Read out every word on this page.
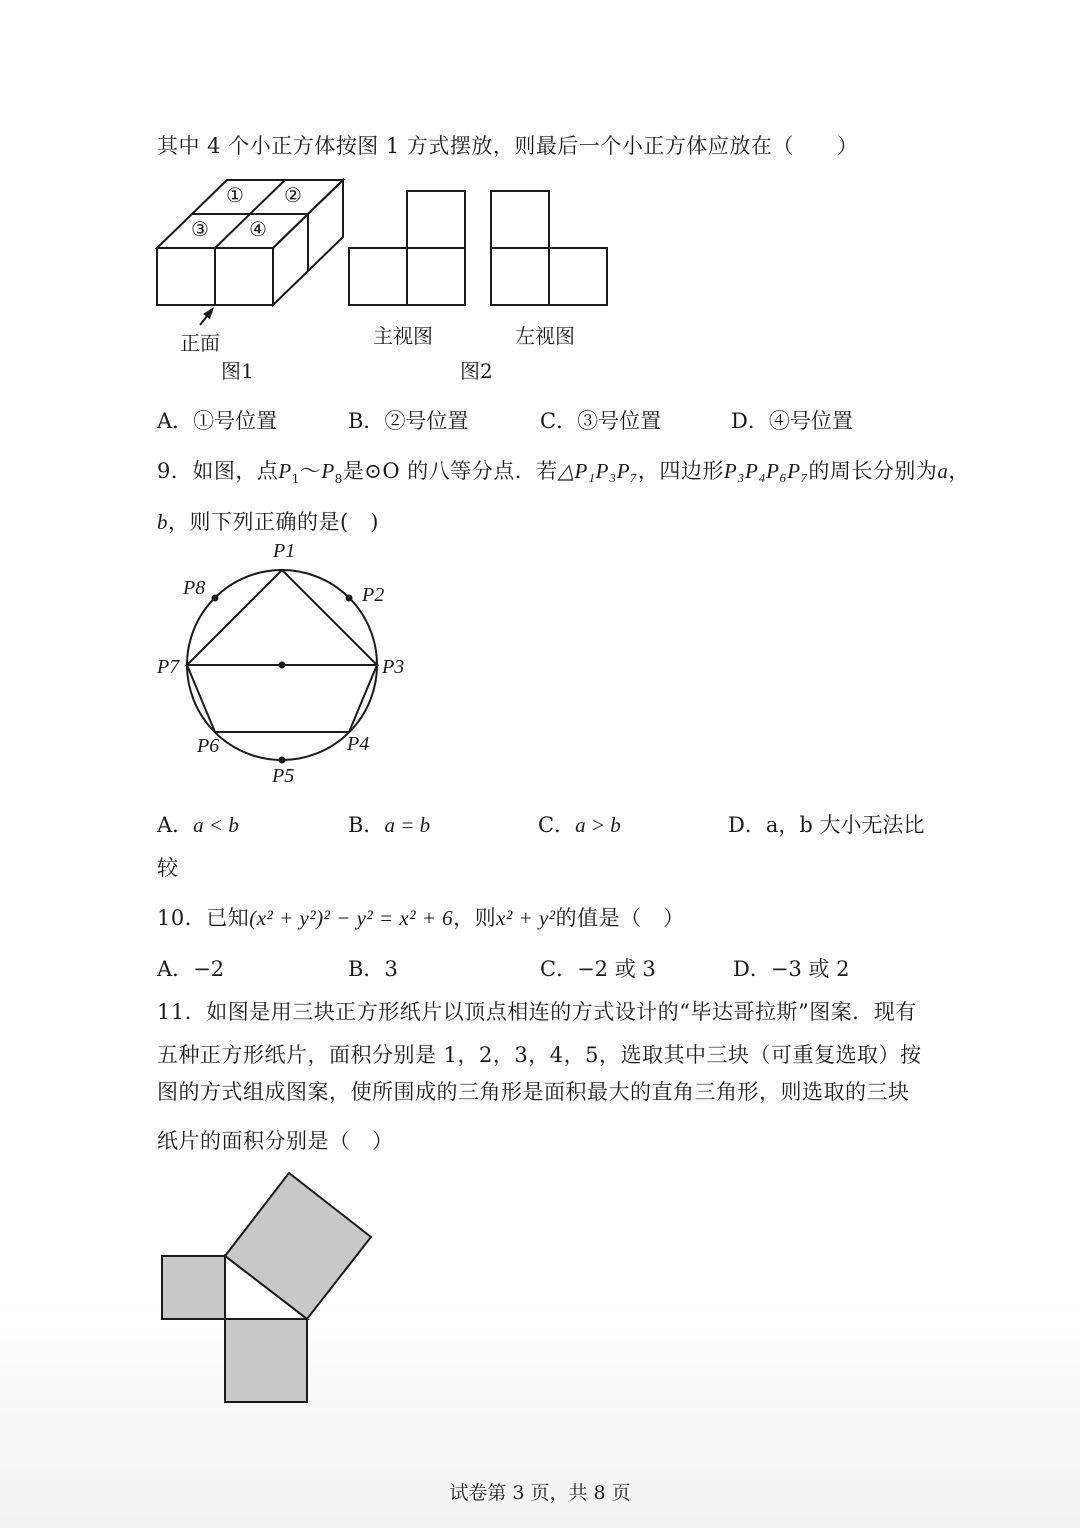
其中 4 个小正方体按图 1 方式摆放，则最后一个小正方体应放在（　　）
① ②
③ ④
正面
图1
主视图	左视图
图2
A．①号位置	B．②号位置	C．③号位置	D．④号位置
9．如图，点$P_1\sim P_8$是⊙O 的八等分点．若△P₁P₃P₇，四边形P₃P₄P₆P₇的周长分别为a，
b，则下列正确的是(　)
P1
P2
P3
P4
P5
P6
P7
P8
A．a < b	B．a = b	C．a > b	D．a，b 大小无法比
较
10．已知(x² + y²)² − y² = x² + 6，则x² + y²的值是（　）
A．−2	B．3	C．−2 或 3	D．−3 或 2
11．如图是用三块正方形纸片以顶点相连的方式设计的“毕达哥拉斯”图案．现有
五种正方形纸片，面积分别是 1，2，3，4，5，选取其中三块（可重复选取）按
图的方式组成图案，使所围成的三角形是面积最大的直角三角形，则选取的三块
纸片的面积分别是（　）
试卷第 3 页，共 8 页
